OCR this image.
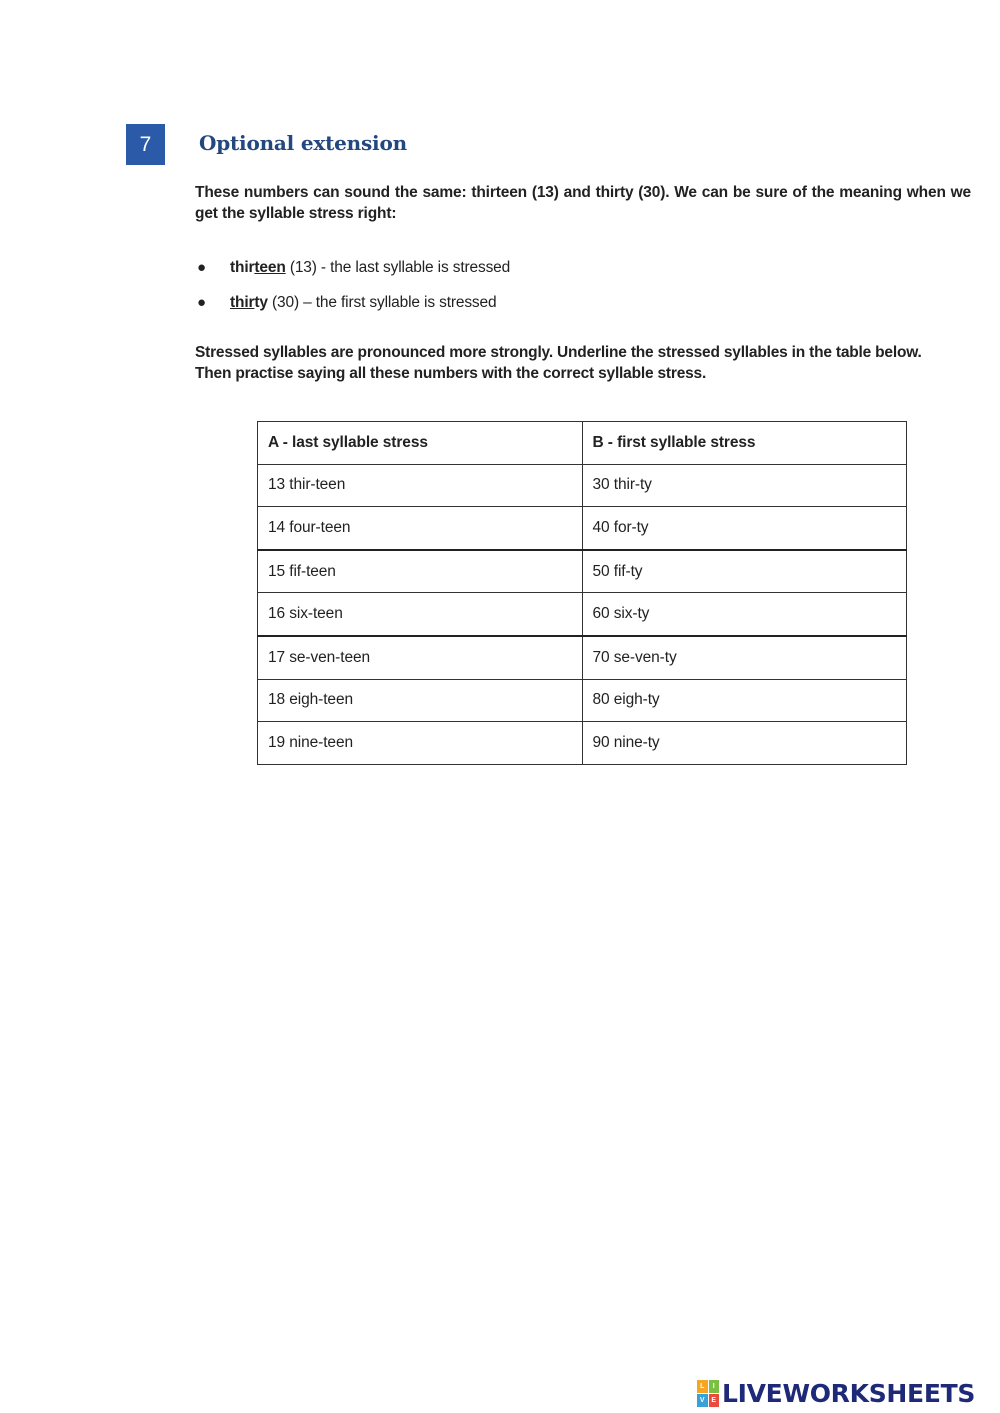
7	Optional extension
These numbers can sound the same: thirteen (13) and thirty (30). We can be sure of the meaning when we get the syllable stress right:
● thirteen (13) - the last syllable is stressed
● thirty (30) – the first syllable is stressed
Stressed syllables are pronounced more strongly. Underline the stressed syllables in the table below.
Then practise saying all these numbers with the correct syllable stress.
A - last syllable stress	B - first syllable stress
13 thir-teen	30 thir-ty
14 four-teen	40 for-ty
15 fif-teen	50 fif-ty
16 six-teen	60 six-ty
17 se-ven-teen	70 se-ven-ty
18 eigh-teen	80 eigh-ty
19 nine-teen	90 nine-ty
L	I
V E LIVEWORKSHEETS
